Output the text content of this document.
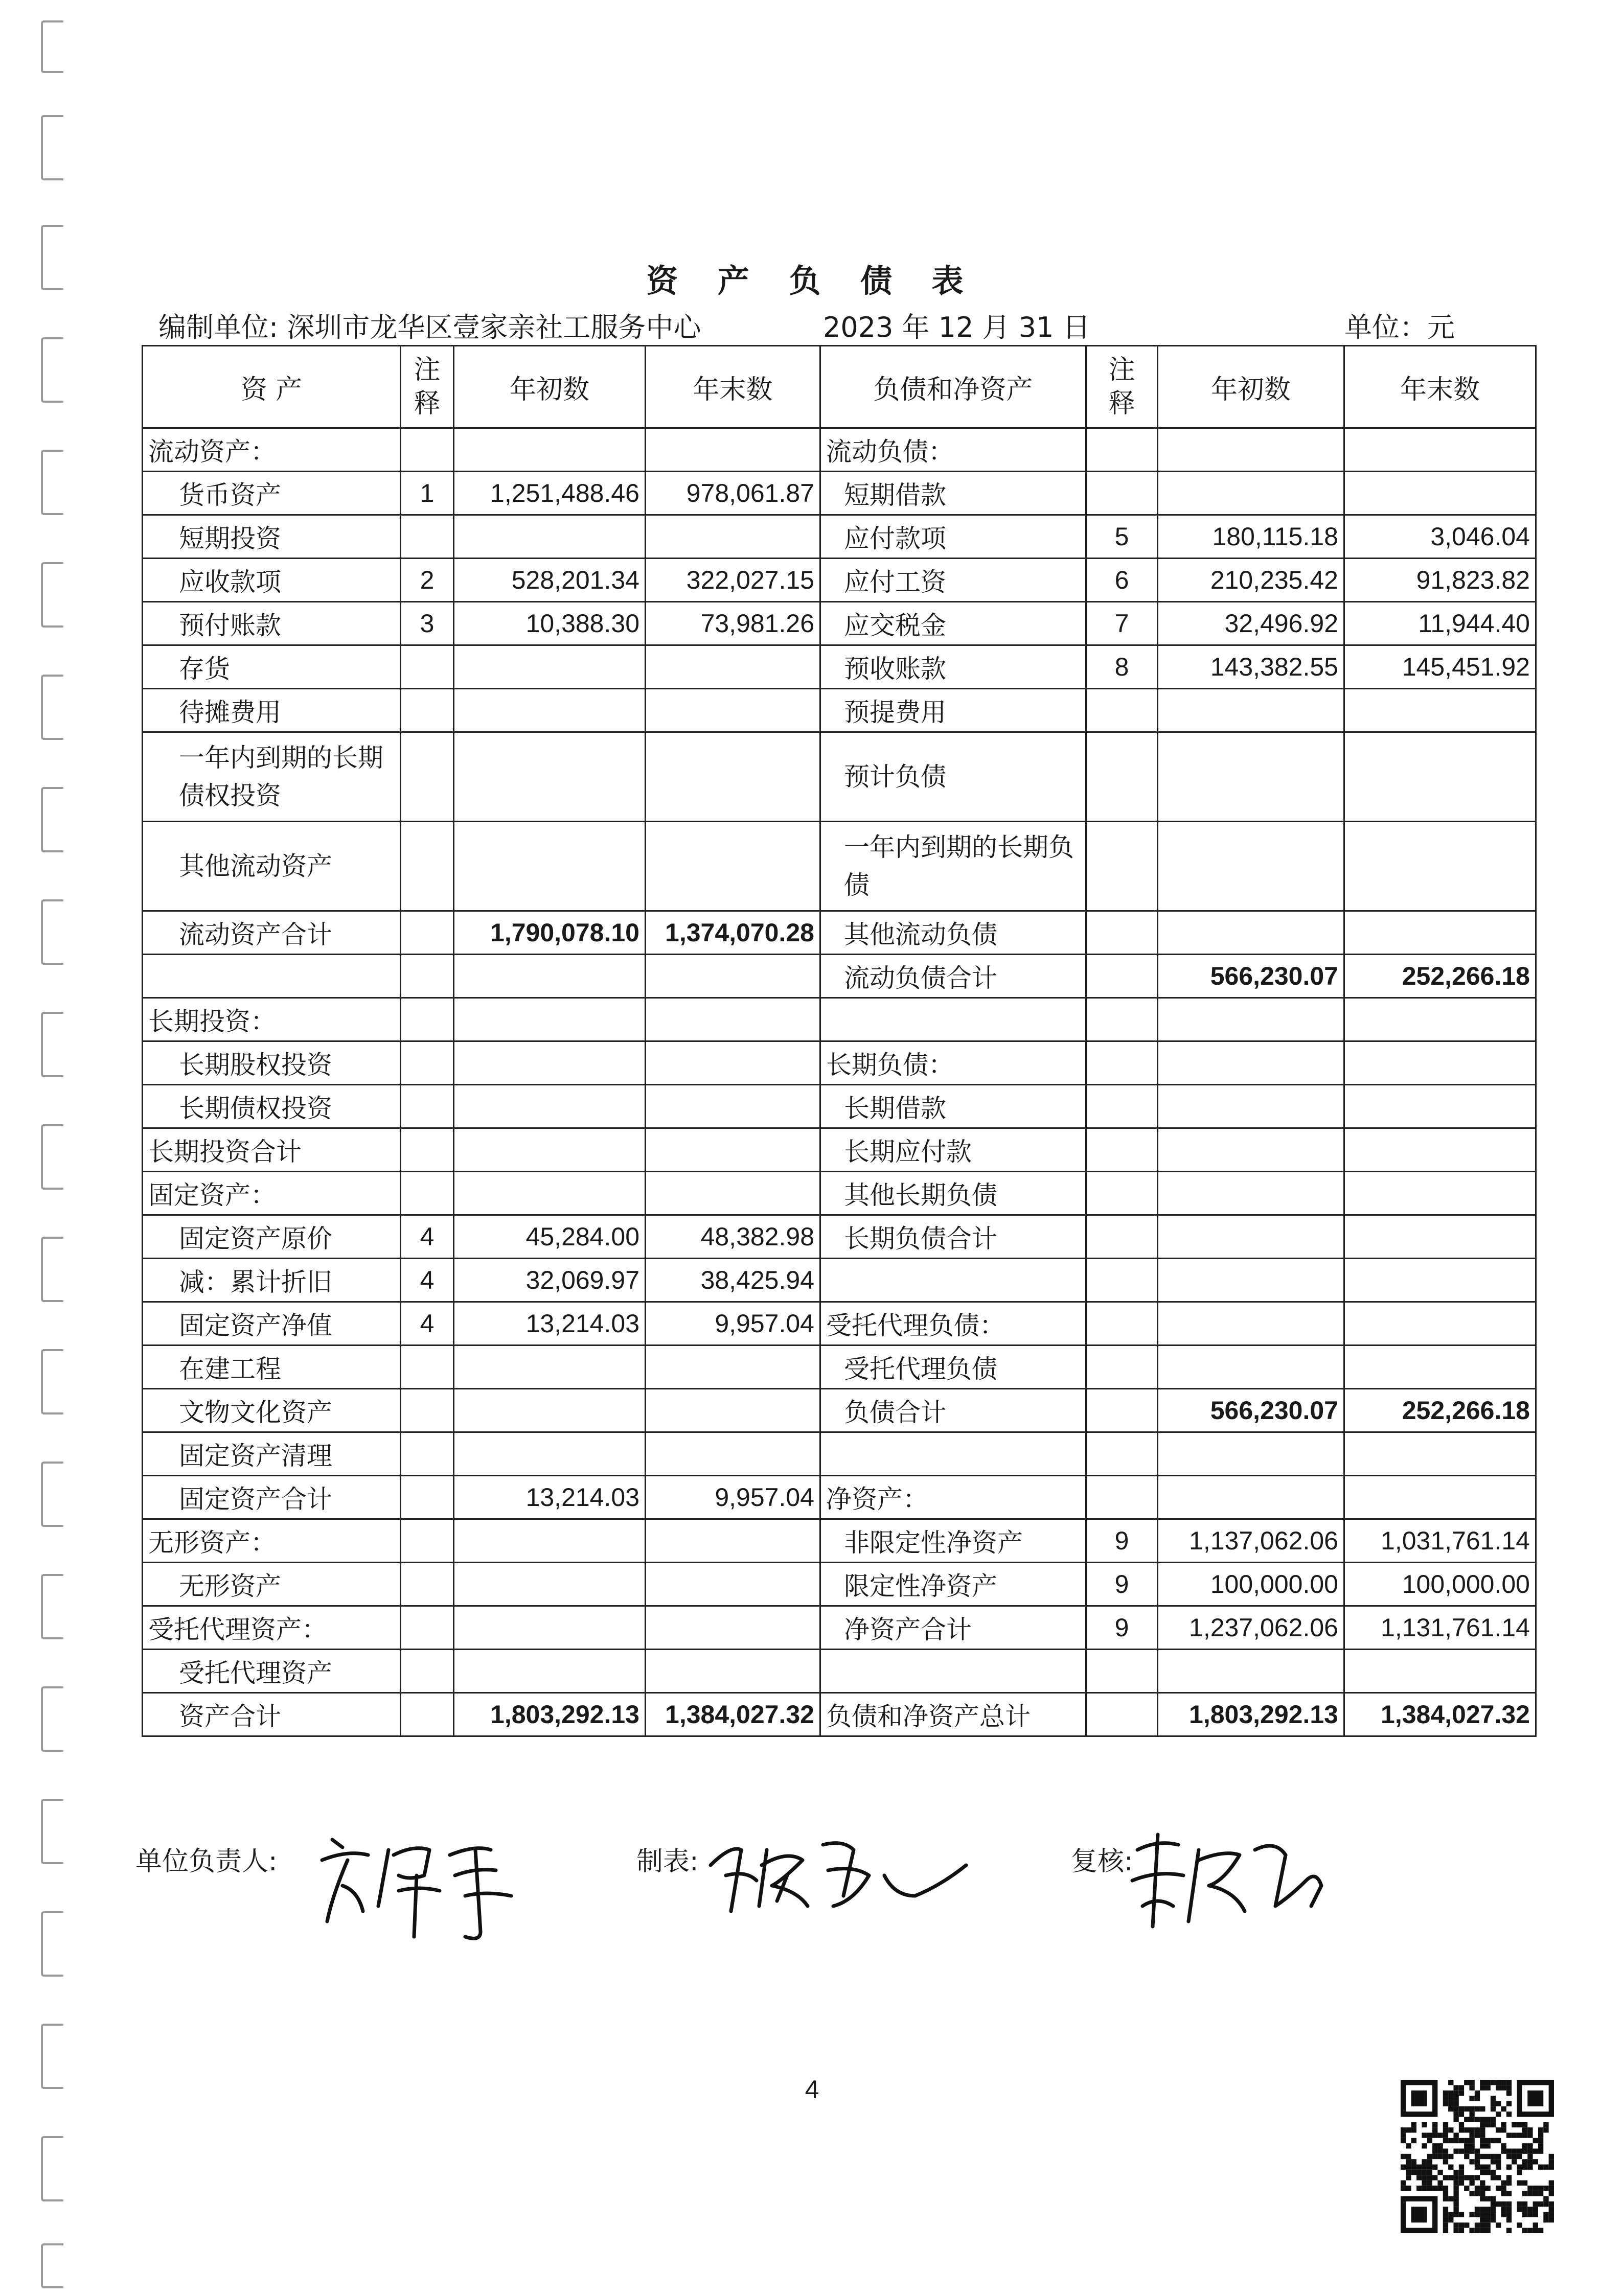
资 产 负 债 表
编制单位: 深圳市龙华区壹家亲社工服务中心	2023 年 12 月 31 日	单位：元
资 产	注释	年初数	年末数	负债和净资产	注释	年初数	年末数
流动资产：				流动负债：			
货币资产	1	1,251,488.46	978,061.87	短期借款			
短期投资				应付款项	5	180,115.18	3,046.04
应收款项	2	528,201.34	322,027.15	应付工资	6	210,235.42	91,823.82
预付账款	3	10,388.30	73,981.26	应交税金	7	32,496.92	11,944.40
存货				预收账款	8	143,382.55	145,451.92
待摊费用				预提费用			
一年内到期的长期债权投资				预计负债			
其他流动资产				一年内到期的长期负债			
流动资产合计		1,790,078.10	1,374,070.28	其他流动负债			
				流动负债合计		566,230.07	252,266.18
长期投资：							
长期股权投资				长期负债：			
长期债权投资				长期借款			
长期投资合计				长期应付款			
固定资产：				其他长期负债			
固定资产原价	4	45,284.00	48,382.98	长期负债合计			
减：累计折旧	4	32,069.97	38,425.94				
固定资产净值	4	13,214.03	9,957.04	受托代理负债：			
在建工程				受托代理负债			
文物文化资产				负债合计		566,230.07	252,266.18
固定资产清理							
固定资产合计		13,214.03	9,957.04	净资产：			
无形资产：				非限定性净资产	9	1,137,062.06	1,031,761.14
无形资产				限定性净资产	9	100,000.00	100,000.00
受托代理资产：				净资产合计	9	1,237,062.06	1,131,761.14
受托代理资产							
资产合计		1,803,292.13	1,384,027.32	负债和净资产总计		1,803,292.13	1,384,027.32
单位负责人:	制表:	复核:
4
